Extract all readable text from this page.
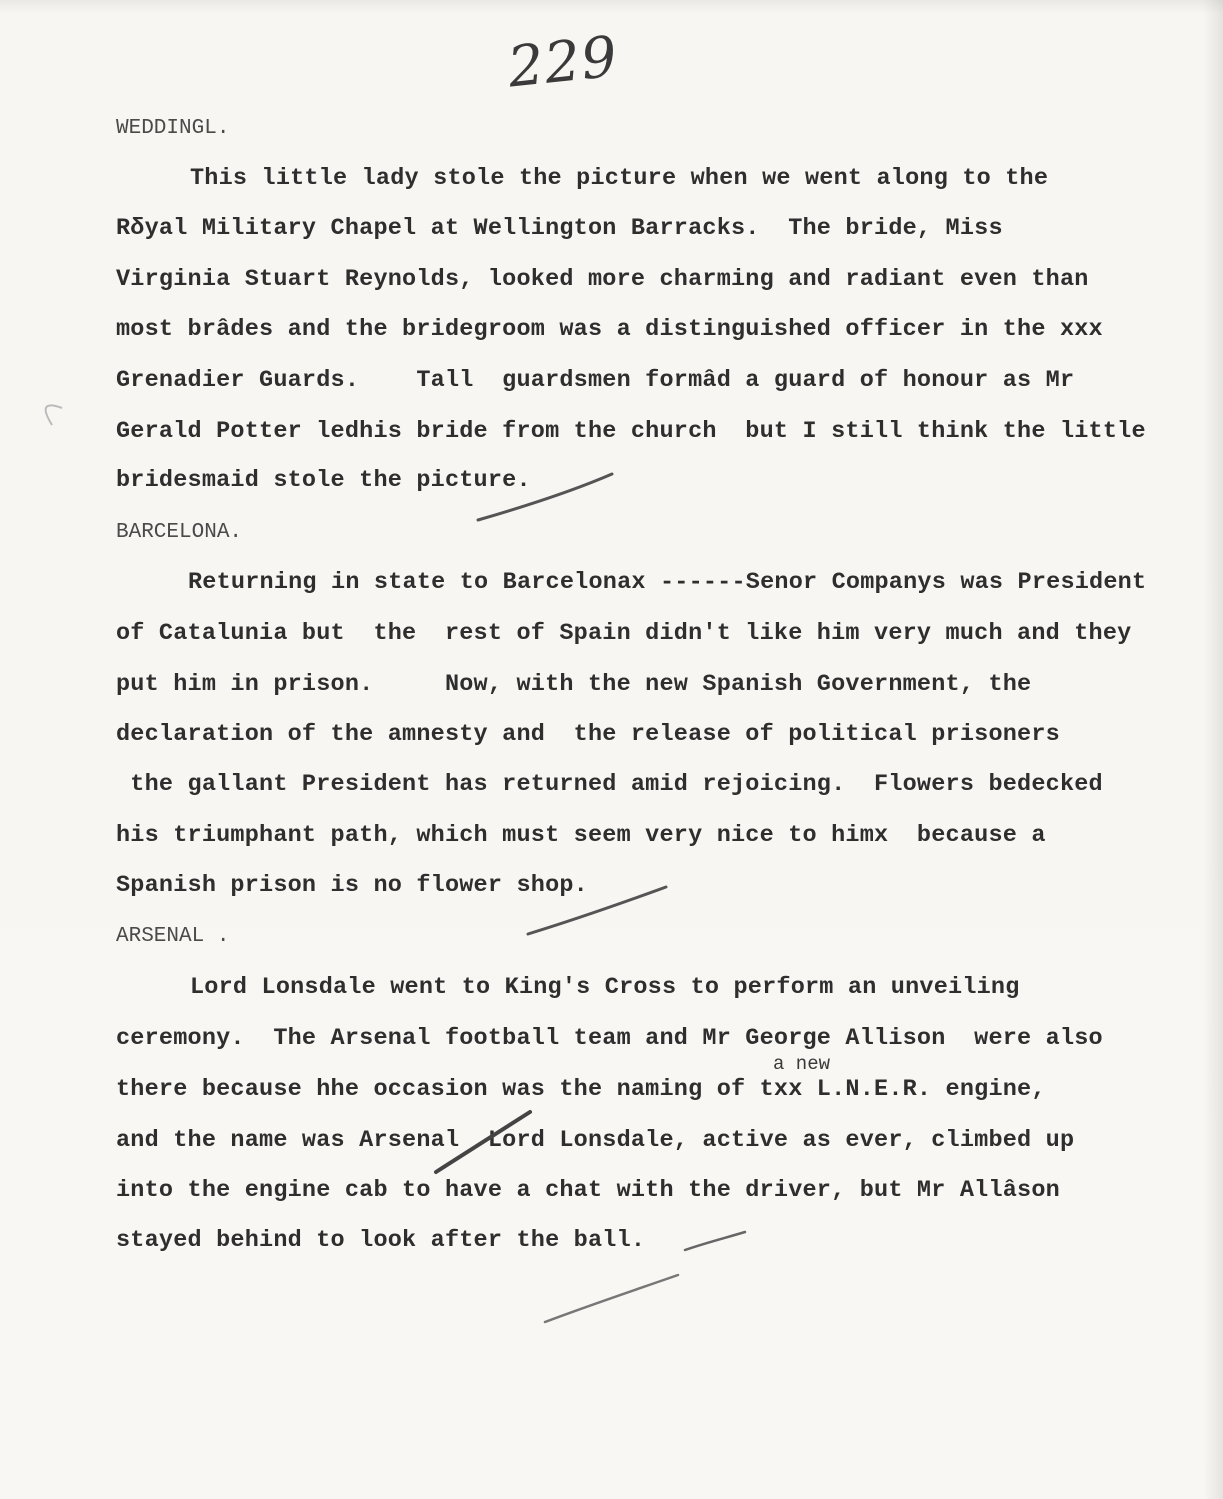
229
WEDDINGL.
This little lady stole the picture when we went along to the
Rδyal Military Chapel at Wellington Barracks.  The bride, Miss
Virginia Stuart Reynolds, looked more charming and radiant even than
most brâdes and the bridegroom was a distinguished officer in the xxx
Grenadier Guards.    Tall  guardsmen formâd a guard of honour as Mr
Gerald Potter ledhis bride from the church  but I still think the little
bridesmaid stole the picture.
BARCELONA.
Returning in state to Barcelonax ------Senor Companys was President
of Catalunia but  the  rest of Spain didn't like him very much and they
put him in prison.     Now, with the new Spanish Government, the
declaration of the amnesty and  the release of political prisoners
the gallant President has returned amid rejoicing.  Flowers bedecked
his triumphant path, which must seem very nice to himx  because a
Spanish prison is no flower shop.
ARSENAL .
Lord Lonsdale went to King's Cross to perform an unveiling
ceremony.  The Arsenal football team and Mr George Allison  were also
a new
there because hhe occasion was the naming of txx L.N.E.R. engine,
and the name was Arsenal  Lord Lonsdale, active as ever, climbed up
into the engine cab to have a chat with the driver, but Mr Allâson
stayed behind to look after the ball.
